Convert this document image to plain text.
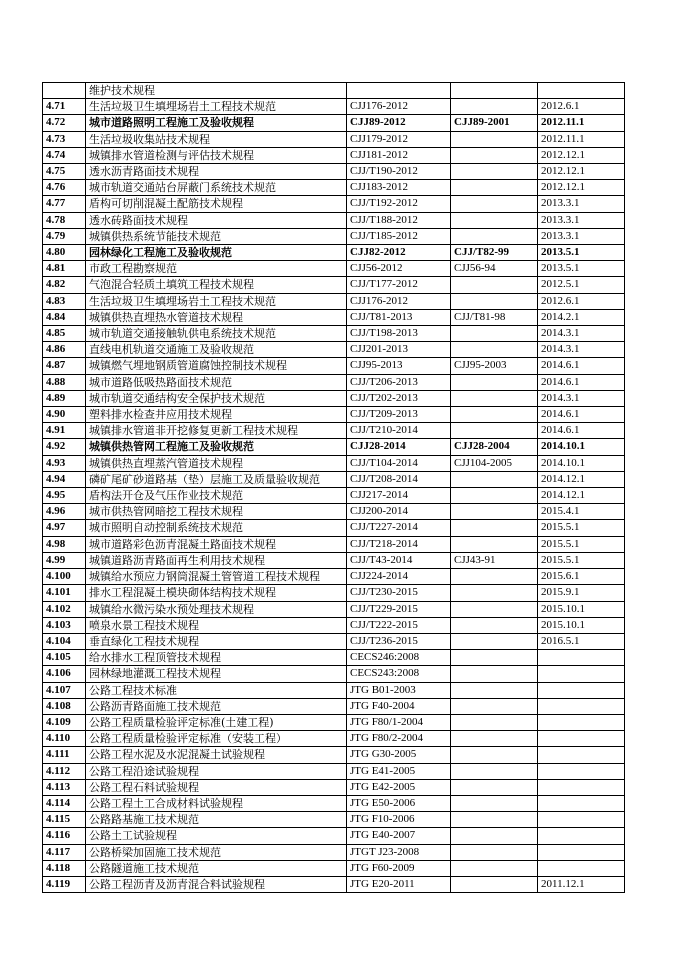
	维护技术规程			
4.71	生活垃圾卫生填埋场岩土工程技术规范	CJJ176-2012		2012.6.1
4.72	城市道路照明工程施工及验收规程	CJJ89-2012	CJJ89-2001	2012.11.1
4.73	生活垃圾收集站技术规程	CJJ179-2012		2012.11.1
4.74	城镇排水管道检测与评估技术规程	CJJ181-2012		2012.12.1
4.75	透水沥青路面技术规程	CJJ/T190-2012		2012.12.1
4.76	城市轨道交通站台屏蔽门系统技术规范	CJJ183-2012		2012.12.1
4.77	盾构可切削混凝土配筋技术规程	CJJ/T192-2012		2013.3.1
4.78	透水砖路面技术规程	CJJ/T188-2012		2013.3.1
4.79	城镇供热系统节能技术规范	CJJ/T185-2012		2013.3.1
4.80	园林绿化工程施工及验收规范	CJJ82-2012	CJJ/T82-99	2013.5.1
4.81	市政工程勘察规范	CJJ56-2012	CJJ56-94	2013.5.1
4.82	气泡混合轻质土填筑工程技术规程	CJJ/T177-2012		2012.5.1
4.83	生活垃圾卫生填埋场岩土工程技术规范	CJJ176-2012		2012.6.1
4.84	城镇供热直埋热水管道技术规程	CJJ/T81-2013	CJJ/T81-98	2014.2.1
4.85	城市轨道交通接触轨供电系统技术规范	CJJ/T198-2013		2014.3.1
4.86	直线电机轨道交通施工及验收规范	CJJ201-2013		2014.3.1
4.87	城镇燃气埋地钢质管道腐蚀控制技术规程	CJJ95-2013	CJJ95-2003	2014.6.1
4.88	城市道路低吸热路面技术规范	CJJ/T206-2013		2014.6.1
4.89	城市轨道交通结构安全保护技术规范	CJJ/T202-2013		2014.3.1
4.90	塑料排水检查井应用技术规程	CJJ/T209-2013		2014.6.1
4.91	城镇排水管道非开挖修复更新工程技术规程	CJJ/T210-2014		2014.6.1
4.92	城镇供热管网工程施工及验收规范	CJJ28-2014	CJJ28-2004	2014.10.1
4.93	城镇供热直埋蒸汽管道技术规程	CJJ/T104-2014	CJJ104-2005	2014.10.1
4.94	磷矿尾矿砂道路基（垫）层施工及质量验收规范	CJJ/T208-2014		2014.12.1
4.95	盾构法开仓及气压作业技术规范	CJJ217-2014		2014.12.1
4.96	城市供热管网暗挖工程技术规程	CJJ200-2014		2015.4.1
4.97	城市照明自动控制系统技术规范	CJJ/T227-2014		2015.5.1
4.98	城市道路彩色沥青混凝土路面技术规程	CJJ/T218-2014		2015.5.1
4.99	城镇道路沥青路面再生利用技术规程	CJJ/T43-2014	CJJ43-91	2015.5.1
4.100	城镇给水预应力钢筒混凝土管管道工程技术规程	CJJ224-2014		2015.6.1
4.101	排水工程混凝土模块砌体结构技术规程	CJJ/T230-2015		2015.9.1
4.102	城镇给水微污染水预处理技术规程	CJJ/T229-2015		2015.10.1
4.103	喷泉水景工程技术规程	CJJ/T222-2015		2015.10.1
4.104	垂直绿化工程技术规程	CJJ/T236-2015		2016.5.1
4.105	给水排水工程顶管技术规程	CECS246:2008		
4.106	园林绿地灌溉工程技术规程	CECS243:2008		
4.107	公路工程技术标准	JTG B01-2003		
4.108	公路沥青路面施工技术规范	JTG F40-2004		
4.109	公路工程质量检验评定标准(土建工程)	JTG F80/1-2004		
4.110	公路工程质量检验评定标准（安装工程）	JTG F80/2-2004		
4.111	公路工程水泥及水泥混凝土试验规程	JTG G30-2005		
4.112	公路工程沿途试验规程	JTG E41-2005		
4.113	公路工程石料试验规程	JTG E42-2005		
4.114	公路工程土工合成材料试验规程	JTG E50-2006		
4.115	公路路基施工技术规范	JTG F10-2006		
4.116	公路土工试验规程	JTG E40-2007		
4.117	公路桥梁加固施工技术规范	JTGT J23-2008		
4.118	公路隧道施工技术规范	JTG F60-2009		
4.119	公路工程沥青及沥青混合料试验规程	JTG E20-2011		2011.12.1
